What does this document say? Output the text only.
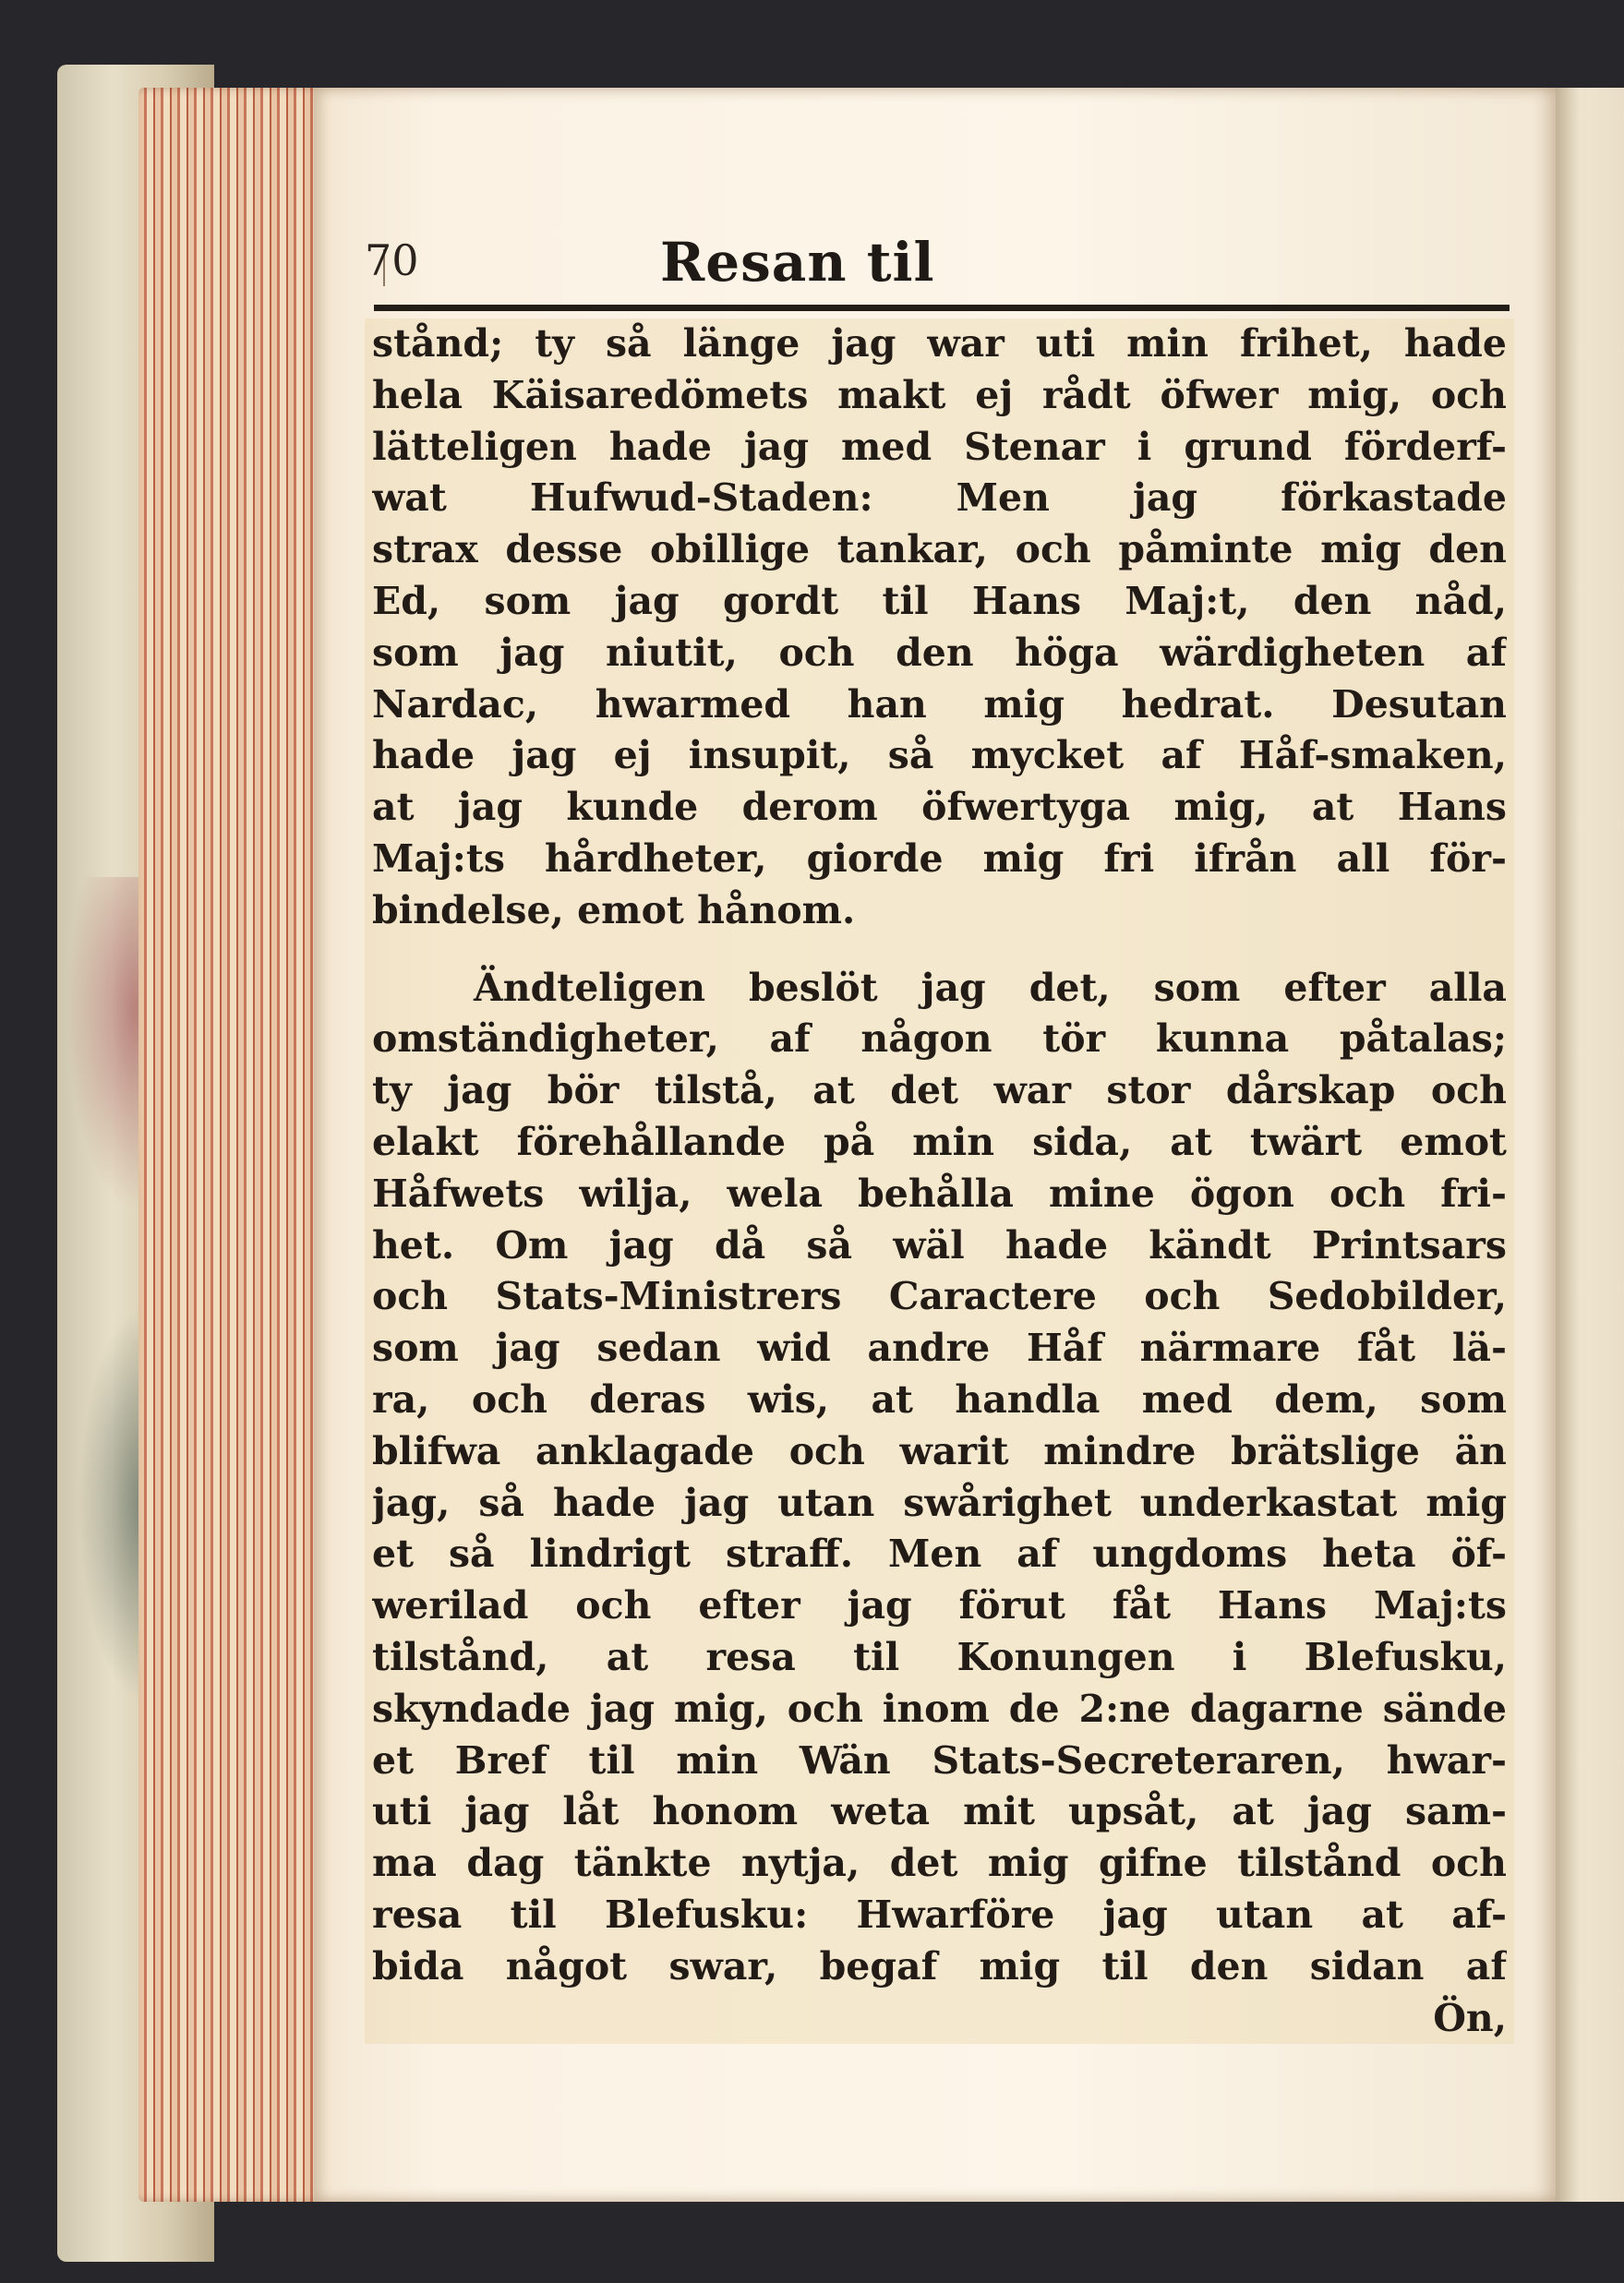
70	Resan til
stånd; ty så länge jag war uti min frihet, hade
hela Käisaredömets makt ej rådt öfwer mig, och
lätteligen hade jag med Stenar i grund förderf-
wat Hufwud-Staden: Men jag förkastade
strax desse obillige tankar, och påminte mig den
Ed, som jag gordt til Hans Maj:t, den nåd,
som jag niutit, och den höga wärdigheten af
Nardac, hwarmed han mig hedrat. Desutan
hade jag ej insupit, så mycket af Håf-smaken,
at jag kunde derom öfwertyga mig, at Hans
Maj:ts hårdheter, giorde mig fri ifrån all för-
bindelse, emot hånom.
Ändteligen beslöt jag det, som efter alla
omständigheter, af någon tör kunna påtalas;
ty jag bör tilstå, at det war stor dårskap och
elakt förehållande på min sida, at twärt emot
Håfwets wilja, wela behålla mine ögon och fri-
het. Om jag då så wäl hade kändt Printsars
och Stats-Ministrers Caractere och Sedobilder,
som jag sedan wid andre Håf närmare fåt lä-
ra, och deras wis, at handla med dem, som
blifwa anklagade och warit mindre brätslige än
jag, så hade jag utan swårighet underkastat mig
et så lindrigt straff. Men af ungdoms heta öf-
werilad och efter jag förut fåt Hans Maj:ts
tilstånd, at resa til Konungen i Blefusku,
skyndade jag mig, och inom de 2:ne dagarne sände
et Bref til min Wän Stats-Secreteraren, hwar-
uti jag låt honom weta mit upsåt, at jag sam-
ma dag tänkte nytja, det mig gifne tilstånd och
resa til Blefusku: Hwarföre jag utan at af-
bida något swar, begaf mig til den sidan af
Ön,
